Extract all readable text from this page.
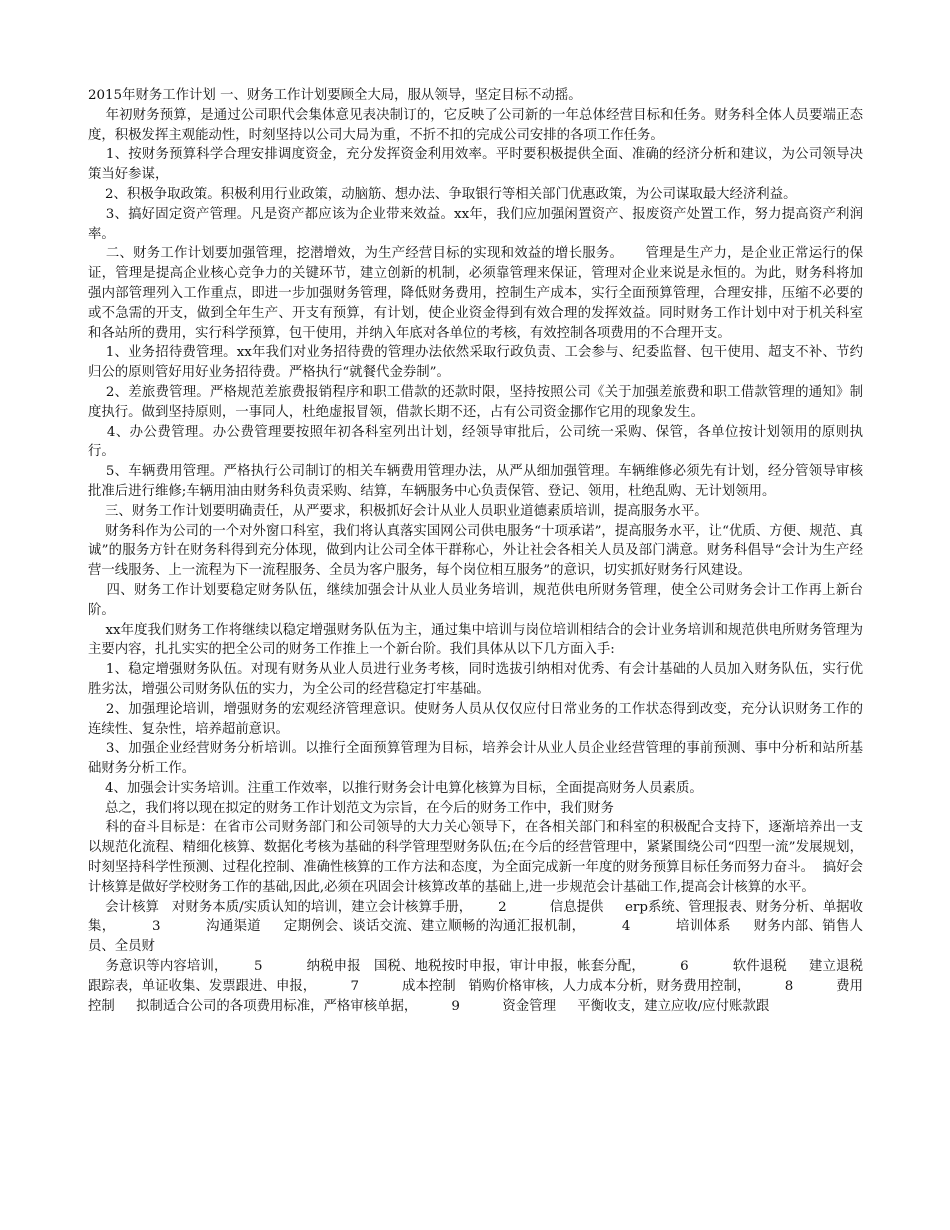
2015年财务工作计划 一、财务工作计划要顾全大局，服从领导，坚定目标不动摇。

年初财务预算，是通过公司职代会集体意见表决制订的，它反映了公司新的一年总体经营目标和任务。财务科全体人员要端正态度，积极发挥主观能动性，时刻坚持以公司大局为重，不折不扣的完成公司安排的各项工作任务。

1、按财务预算科学合理安排调度资金，充分发挥资金利用效率。平时要积极提供全面、准确的经济分析和建议，为公司领导决策当好参谋，

2、积极争取政策。积极利用行业政策，动脑筋、想办法、争取银行等相关部门优惠政策，为公司谋取最大经济利益。

3、搞好固定资产管理。凡是资产都应该为企业带来效益。xx年，我们应加强闲置资产、报废资产处置工作，努力提高资产利润率。

二、财务工作计划要加强管理，挖潜增效，为生产经营目标的实现和效益的增长服务。     管理是生产力，是企业正常运行的保证，管理是提高企业核心竞争力的关键环节，建立创新的机制，必须靠管理来保证，管理对企业来说是永恒的。为此，财务科将加强内部管理列入工作重点，即进一步加强财务管理，降低财务费用，控制生产成本，实行全面预算管理，合理安排，压缩不必要的或不急需的开支，做到全年生产、开支有预算，有计划，使企业资金得到有效合理的发挥效益。同时财务工作计划中对于机关科室和各站所的费用，实行科学预算，包干使用，并纳入年底对各单位的考核，有效控制各项费用的不合理开支。

1、业务招待费管理。xx年我们对业务招待费的管理办法依然采取行政负责、工会参与、纪委监督、包干使用、超支不补、节约归公的原则管好用好业务招待费。严格执行“就餐代金券制”。

2、差旅费管理。严格规范差旅费报销程序和职工借款的还款时限，坚持按照公司《关于加强差旅费和职工借款管理的通知》制度执行。做到坚持原则，一事同人，杜绝虚报冒领，借款长期不还，占有公司资金挪作它用的现象发生。

4、办公费管理。办公费管理要按照年初各科室列出计划，经领导审批后，公司统一采购、保管，各单位按计划领用的原则执行。

5、车辆费用管理。严格执行公司制订的相关车辆费用管理办法，从严从细加强管理。车辆维修必须先有计划，经分管领导审核批准后进行维修;车辆用油由财务科负责采购、结算，车辆服务中心负责保管、登记、领用，杜绝乱购、无计划领用。

三、财务工作计划要明确责任，从严要求，积极抓好会计从业人员职业道德素质培训，提高服务水平。

财务科作为公司的一个对外窗口科室，我们将认真落实国网公司供电服务“十项承诺”，提高服务水平，让“优质、方便、规范、真诚”的服务方针在财务科得到充分体现，做到内让公司全体干群称心，外让社会各相关人员及部门满意。财务科倡导“会计为生产经营一线服务、上一流程为下一流程服务、全员为客户服务，每个岗位相互服务”的意识，切实抓好财务行风建设。

四、财务工作计划要稳定财务队伍，继续加强会计从业人员业务培训，规范供电所财务管理，使全公司财务会计工作再上新台阶。

xx年度我们财务工作将继续以稳定增强财务队伍为主，通过集中培训与岗位培训相结合的会计业务培训和规范供电所财务管理为主要内容，扎扎实实的把全公司的财务工作推上一个新台阶。我们具体从以下几方面入手:

1、稳定增强财务队伍。对现有财务从业人员进行业务考核，同时选拔引纳相对优秀、有会计基础的人员加入财务队伍，实行优胜劣汰，增强公司财务队伍的实力，为全公司的经营稳定打牢基础。

2、加强理论培训，增强财务的宏观经济管理意识。使财务人员从仅仅应付日常业务的工作状态得到改变，充分认识财务工作的连续性、复杂性，培养超前意识。

3、加强企业经营财务分析培训。以推行全面预算管理为目标，培养会计从业人员企业经营管理的事前预测、事中分析和站所基础财务分析工作。

4、加强会计实务培训。注重工作效率，以推行财务会计电算化核算为目标，全面提高财务人员素质。

总之，我们将以现在拟定的财务工作计划范文为宗旨，在今后的财务工作中，我们财务

科的奋斗目标是：在省市公司财务部门和公司领导的大力关心领导下，在各相关部门和科室的积极配合支持下，逐渐培养出一支以规范化流程、精细化核算、数据化考核为基础的科学管理型财务队伍;在今后的经营管理中，紧紧围绕公司“四型一流”发展规划，时刻坚持科学性预测、过程化控制、准确性核算的工作方法和态度，为全面完成新一年度的财务预算目标任务而努力奋斗。  搞好会计核算是做好学校财务工作的基础,因此,必须在巩固会计核算改革的基础上,进一步规范会计基础工作,提高会计核算的水平。

会计核算   对财务本质/实质认知的培训，建立会计核算手册，      2          信息提供     erp系统、管理报表、财务分析、单据收集，        3          沟通渠道     定期例会、谈话交流、建立顺畅的沟通汇报机制，        4          培训体系     财务内部、销售人员、全员财

务意识等内容培训，      5          纳税申报   国税、地税按时申报，审计申报，帐套分配，        6          软件退税     建立退税跟踪表，单证收集、发票跟进、申报，        7          成本控制   销购价格审核，人力成本分析，财务费用控制，        8          费用控制     拟制适合公司的各项费用标准，严格审核单据，        9          资金管理     平衡收支，建立应收/应付账款跟
